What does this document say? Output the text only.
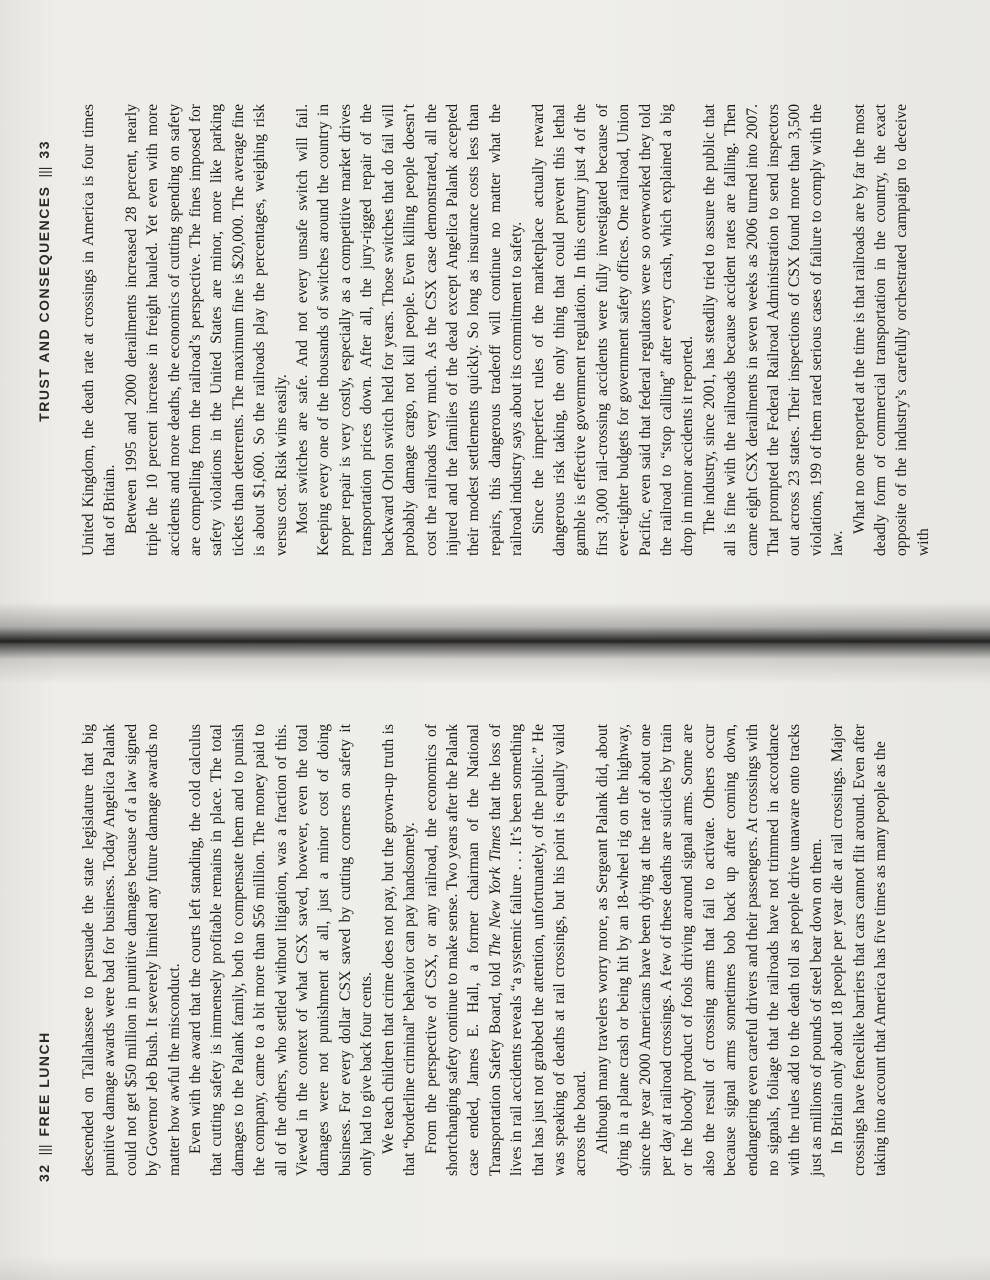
32|||FREE LUNCH descended on Tallahassee to persuade the state legislature that big punitive damage awards were bad for business. Today Angelica Palank could not get $50 million in punitive damages because of a law signed by Governor Jeb Bush. It severely limited any future damage awards no matter how awful the misconduct. Even with the award that the courts left standing, the cold calculus that cutting safety is immensely profitable remains in place. The total damages to the Palank family, both to compensate them and to punish the company, came to a bit more than $56 million. The money paid to all of the others, who settled without litigation, was a fraction of this. Viewed in the context of what CSX saved, however, even the total damages were not punishment at all, just a minor cost of doing business. For every dollar CSX saved by cutting corners on safety it only had to give back four cents. We teach children that crime does not pay, but the grown-up truth is that “borderline criminal” behavior can pay handsomely. From the perspective of CSX, or any railroad, the economics of shortchanging safety continue to make sense. Two years after the Palank case ended, James E. Hall, a former chairman of the National Transportation Safety Board, told The New York Times that the loss of lives in rail accidents reveals “a systemic failure . . . It’s been something that has just not grabbed the attention, unfortunately, of the public.” He was speaking of deaths at rail crossings, but his point is equally valid across the board. Although many travelers worry more, as Sergeant Palank did, about dying in a plane crash or being hit by an 18-wheel rig on the highway, since the year 2000 Americans have been dying at the rate of about one per day at railroad crossings. A few of these deaths are suicides by train or the bloody product of fools driving around signal arms. Some are also the result of crossing arms that fail to activate. Others occur because signal arms sometimes bob back up after coming down, endangering even careful drivers and their passengers. At crossings with no signals, foliage that the railroads have not trimmed in accordance with the rules add to the death toll as people drive unaware onto tracks just as millions of pounds of steel bear down on them. In Britain only about 18 people per year die at rail crossings. Major crossings have fencelike barriers that cars cannot flit around. Even after taking into account that America has five times as many people as the

TRUST AND CONSEQUENCES|||33 United Kingdom, the death rate at crossings in America is four times that of Britain. Between 1995 and 2000 derailments increased 28 percent, nearly triple the 10 percent increase in freight hauled. Yet even with more accidents and more deaths, the economics of cutting spending on safety are compelling from the railroad’s perspective. The fines imposed for safety violations in the United States are minor, more like parking tickets than deterrents. The maximum fine is $20,000. The average fine is about $1,600. So the railroads play the percentages, weighing risk versus cost. Risk wins easily. Most switches are safe. And not every unsafe switch will fail. Keeping every one of the thousands of switches around the country in proper repair is very costly, especially as a competitive market drives transportation prices down. After all, the jury-rigged repair of the backward Orlon switch held for years. Those switches that do fail will probably damage cargo, not kill people. Even killing people doesn’t cost the railroads very much. As the CSX case demonstrated, all the injured and the families of the dead except Angelica Palank accepted their modest settlements quickly. So long as insurance costs less than repairs, this dangerous tradeoff will continue no matter what the railroad industry says about its commitment to safety. Since the imperfect rules of the marketplace actually reward dangerous risk taking, the only thing that could prevent this lethal gamble is effective government regulation. In this century just 4 of the first 3,000 rail-crossing accidents were fully investigated because of ever-tighter budgets for government safety offices. One railroad, Union Pacific, even said that federal regulators were so overworked they told the railroad to “stop calling” after every crash, which explained a big drop in minor accidents it reported. The industry, since 2001, has steadily tried to assure the public that all is fine with the railroads because accident rates are falling. Then came eight CSX derailments in seven weeks as 2006 turned into 2007. That prompted the Federal Railroad Administration to send inspectors out across 23 states. Their inspections of CSX found more than 3,500 violations, 199 of them rated serious cases of failure to comply with the law.

What no one reported at the time is that railroads are by far the most deadly form of commercial transportation in the country, the exact opposite of the industry’s carefully orchestrated campaign to deceive with
